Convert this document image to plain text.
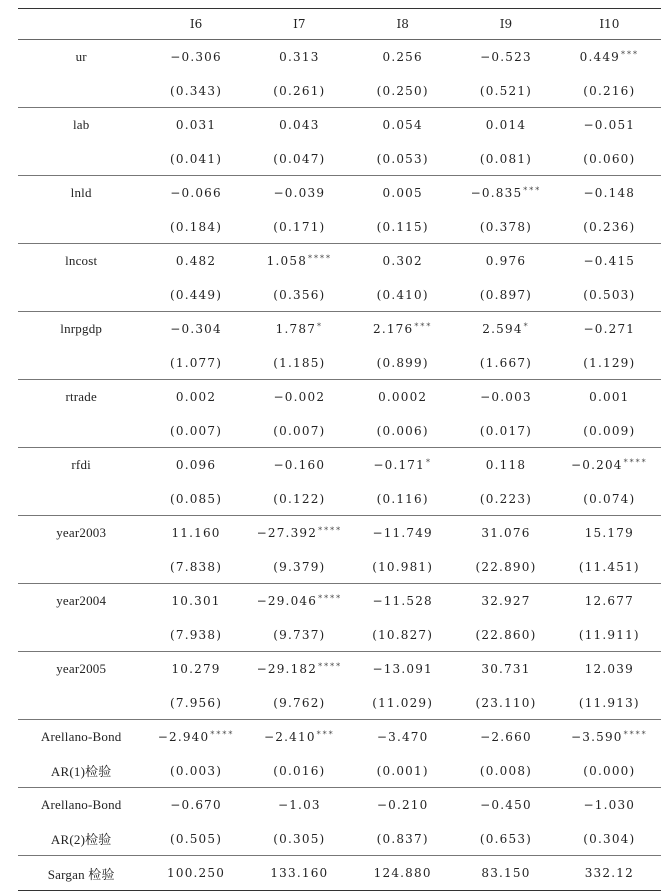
	I6	I7	I8	I9	I10
ur	−0.306	0.313	0.256	−0.523	0.449***
	(0.343)	(0.261)	(0.250)	(0.521)	(0.216)
lab	0.031	0.043	0.054	0.014	−0.051
	(0.041)	(0.047)	(0.053)	(0.081)	(0.060)
lnld	−0.066	−0.039	0.005	−0.835***	−0.148
	(0.184)	(0.171)	(0.115)	(0.378)	(0.236)
lncost	0.482	1.058****	0.302	0.976	−0.415
	(0.449)	(0.356)	(0.410)	(0.897)	(0.503)
lnrpgdp	−0.304	1.787*	2.176***	2.594*	−0.271
	(1.077)	(1.185)	(0.899)	(1.667)	(1.129)
rtrade	0.002	−0.002	0.0002	−0.003	0.001
	(0.007)	(0.007)	(0.006)	(0.017)	(0.009)
rfdi	0.096	−0.160	−0.171*	0.118	−0.204****
	(0.085)	(0.122)	(0.116)	(0.223)	(0.074)
year2003	11.160	−27.392****	−11.749	31.076	15.179
	(7.838)	(9.379)	(10.981)	(22.890)	(11.451)
year2004	10.301	−29.046****	−11.528	32.927	12.677
	(7.938)	(9.737)	(10.827)	(22.860)	(11.911)
year2005	10.279	−29.182****	−13.091	30.731	12.039
	(7.956)	(9.762)	(11.029)	(23.110)	(11.913)
Arellano-Bond	−2.940****	−2.410***	−3.470	−2.660	−3.590****
AR(1)检验	(0.003)	(0.016)	(0.001)	(0.008)	(0.000)
Arellano-Bond	−0.670	−1.03	−0.210	−0.450	−1.030
AR(2)检验	(0.505)	(0.305)	(0.837)	(0.653)	(0.304)
Sargan 检验	100.250	133.160	124.880	83.150	332.12
